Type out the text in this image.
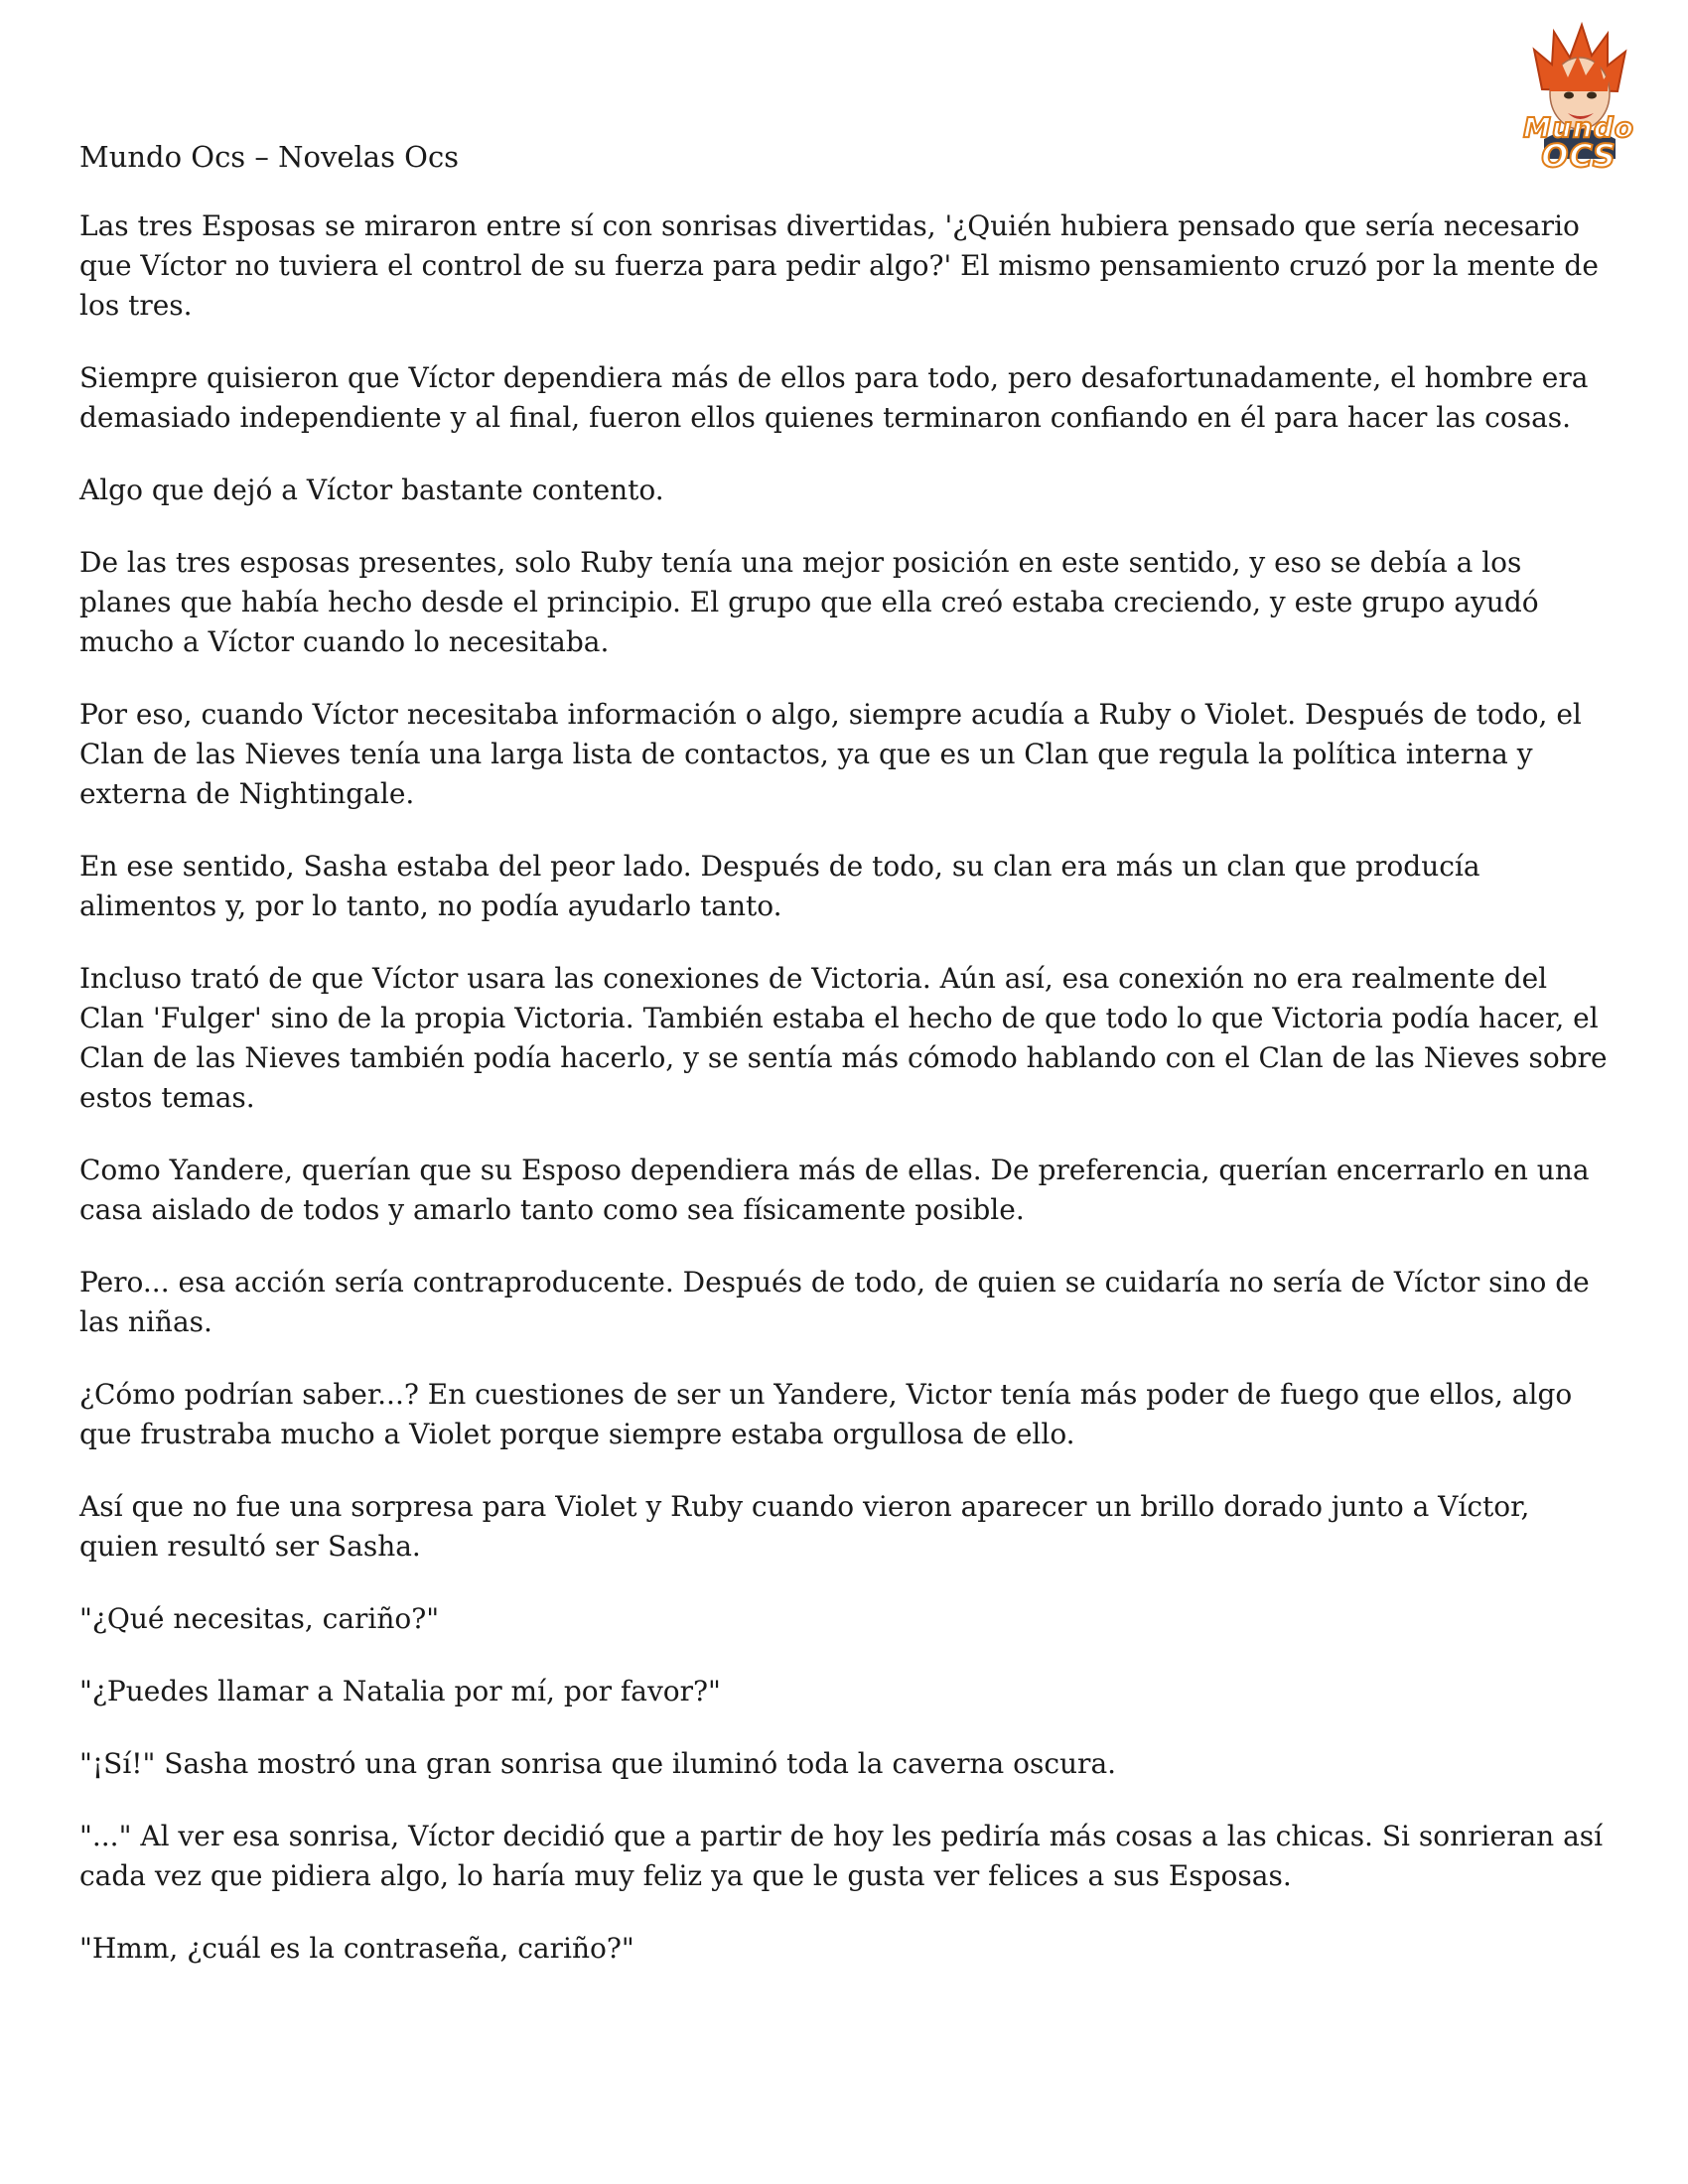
Mundo
OCS
Mundo Ocs – Novelas Ocs

Las tres Esposas se miraron entre sí con sonrisas divertidas, '¿Quién hubiera pensado que sería necesario que Víctor no tuviera el control de su fuerza para pedir algo?' El mismo pensamiento cruzó por la mente de los tres.

Siempre quisieron que Víctor dependiera más de ellos para todo, pero desafortunadamente, el hombre era demasiado independiente y al final, fueron ellos quienes terminaron confiando en él para hacer las cosas.

Algo que dejó a Víctor bastante contento.

De las tres esposas presentes, solo Ruby tenía una mejor posición en este sentido, y eso se debía a los planes que había hecho desde el principio. El grupo que ella creó estaba creciendo, y este grupo ayudó mucho a Víctor cuando lo necesitaba.

Por eso, cuando Víctor necesitaba información o algo, siempre acudía a Ruby o Violet. Después de todo, el Clan de las Nieves tenía una larga lista de contactos, ya que es un Clan que regula la política interna y externa de Nightingale.

En ese sentido, Sasha estaba del peor lado. Después de todo, su clan era más un clan que producía alimentos y, por lo tanto, no podía ayudarlo tanto.

Incluso trató de que Víctor usara las conexiones de Victoria. Aún así, esa conexión no era realmente del Clan 'Fulger' sino de la propia Victoria. También estaba el hecho de que todo lo que Victoria podía hacer, el Clan de las Nieves también podía hacerlo, y se sentía más cómodo hablando con el Clan de las Nieves sobre estos temas.

Como Yandere, querían que su Esposo dependiera más de ellas. De preferencia, querían encerrarlo en una casa aislado de todos y amarlo tanto como sea físicamente posible.

Pero... esa acción sería contraproducente. Después de todo, de quien se cuidaría no sería de Víctor sino de las niñas.

¿Cómo podrían saber...? En cuestiones de ser un Yandere, Victor tenía más poder de fuego que ellos, algo que frustraba mucho a Violet porque siempre estaba orgullosa de ello.

Así que no fue una sorpresa para Violet y Ruby cuando vieron aparecer un brillo dorado junto a Víctor, quien resultó ser Sasha.

"¿Qué necesitas, cariño?"

"¿Puedes llamar a Natalia por mí, por favor?"

"¡Sí!" Sasha mostró una gran sonrisa que iluminó toda la caverna oscura.

"..." Al ver esa sonrisa, Víctor decidió que a partir de hoy les pediría más cosas a las chicas. Si sonrieran así cada vez que pidiera algo, lo haría muy feliz ya que le gusta ver felices a sus Esposas.

"Hmm, ¿cuál es la contraseña, cariño?"
